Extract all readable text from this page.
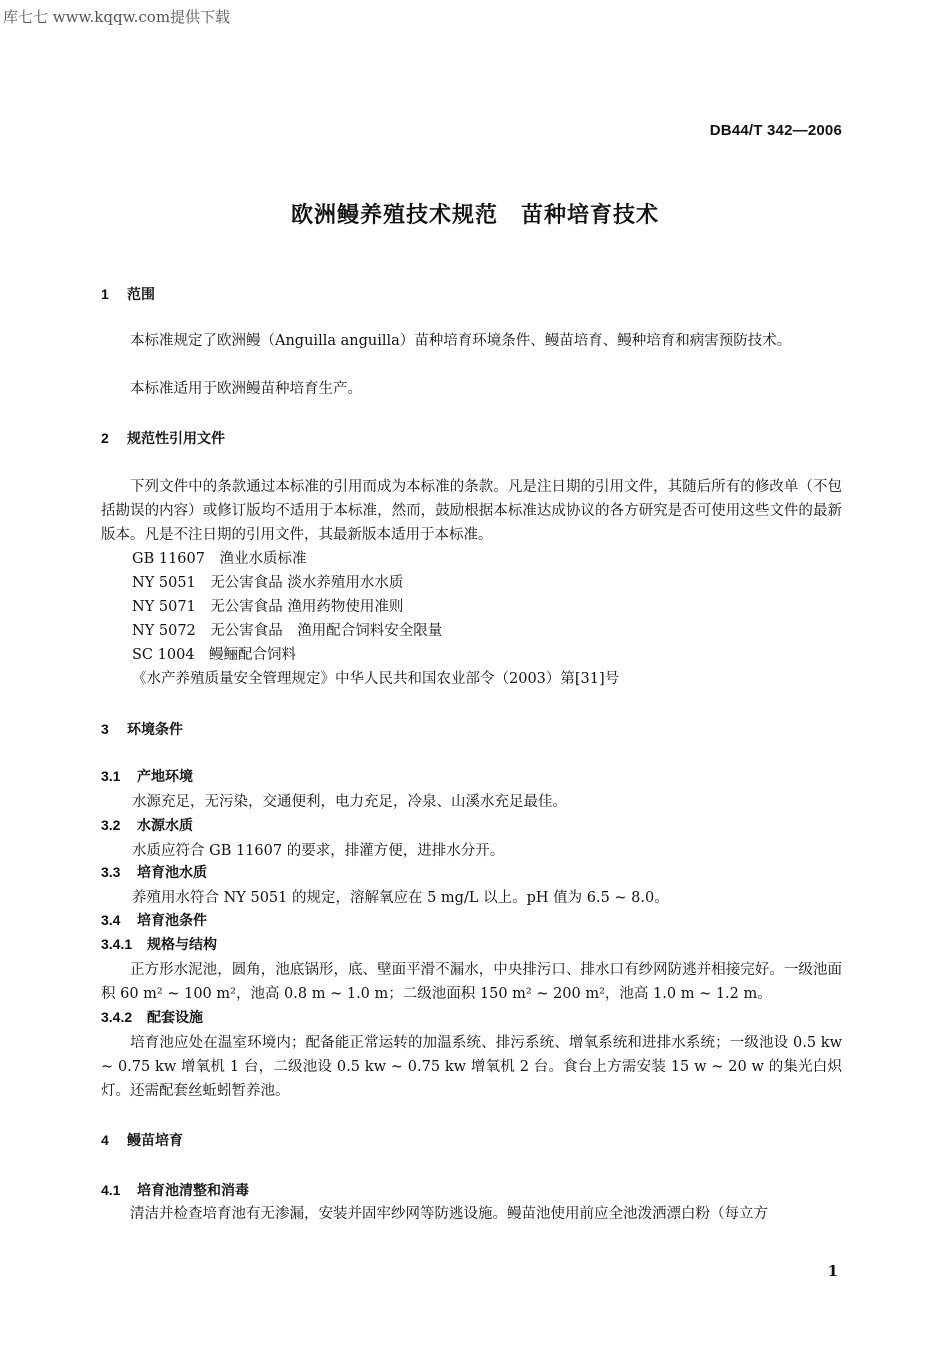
库七七 www.kqqw.com提供下载
DB44/T 342—2006
欧洲鳗养殖技术规范　苗种培育技术
1 范围
本标准规定了欧洲鳗（Anguilla anguilla）苗种培育环境条件、鳗苗培育、鳗种培育和病害预防技术。
本标准适用于欧洲鳗苗种培育生产。
2 规范性引用文件
下列文件中的条款通过本标准的引用而成为本标准的条款。凡是注日期的引用文件，其随后所有的修改单（不包括勘误的内容）或修订版均不适用于本标准，然而，鼓励根据本标准达成协议的各方研究是否可使用这些文件的最新版本。凡是不注日期的引用文件，其最新版本适用于本标准。
GB 11607　渔业水质标准
NY 5051　无公害食品 淡水养殖用水水质
NY 5071　无公害食品 渔用药物使用准则
NY 5072　无公害食品　渔用配合饲料安全限量
SC 1004　鳗鲡配合饲料
《水产养殖质量安全管理规定》中华人民共和国农业部令（2003）第[31]号
3 环境条件
3.1 产地环境
水源充足，无污染，交通便利，电力充足，冷泉、山溪水充足最佳。
3.2 水源水质
水质应符合 GB 11607 的要求，排灌方便，进排水分开。
3.3 培育池水质
养殖用水符合 NY 5051 的规定，溶解氧应在 5 mg/L 以上。pH 值为 6.5 ~ 8.0。
3.4 培育池条件
3.4.1 规格与结构
正方形水泥池，圆角，池底锅形，底、壁面平滑不漏水，中央排污口、排水口有纱网防逃并相接完好。一级池面积 60 m² ~ 100 m²，池高 0.8 m ~ 1.0 m；二级池面积 150 m² ~ 200 m²，池高 1.0 m ~ 1.2 m。
3.4.2 配套设施
培育池应处在温室环境内；配备能正常运转的加温系统、排污系统、增氧系统和进排水系统；一级池设 0.5 kw ~ 0.75 kw 增氧机 1 台，二级池设 0.5 kw ~ 0.75 kw 增氧机 2 台。食台上方需安装 15 w ~ 20 w 的集光白炽灯。还需配套丝蚯蚓暂养池。
4 鳗苗培育
4.1 培育池清整和消毒
清洁并检查培育池有无渗漏，安装并固牢纱网等防逃设施。鳗苗池使用前应全池泼洒漂白粉（每立方
1
